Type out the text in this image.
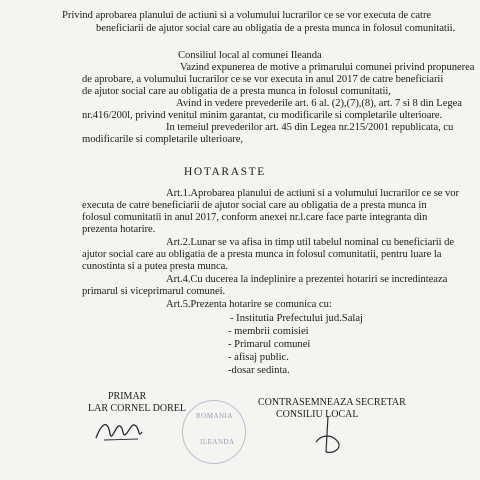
Privind aprobarea planului de actiuni si a volumului lucrarilor ce se vor executa de catre
beneficiarii de ajutor social care au obligatia de a presta munca in folosul comunitatii.
Consiliul local al comunei Ileanda
Vazind expunerea de motive a primarului comunei privind propunerea
de aprobare, a volumului lucrarilor ce se vor executa in anul 2017 de catre beneficiarii
de ajutor social care au obligatia de a presta munca in folosul comunitatii,
Avind in vedere prevederile art. 6 al. (2),(7),(8), art. 7 si 8 din Legea
nr.416/200l, privind venitul minim garantat, cu modificarile si completarile ulterioare.
In temeiul prevederilor art. 45 din Legea nr.215/2001 republicata, cu
modificarile si completarile ulterioare,
HOTARASTE
Art.1.Aprobarea planului de actiuni si a volumului lucrarilor ce se vor
executa de catre beneficiarii de ajutor social care au obligatia de a presta munca in
folosul comunitatii in anul 2017, conform anexei nr.l.care face parte integranta din
prezenta hotarire.
Art.2.Lunar se va afisa in timp util tabelul nominal cu beneficiarii de
ajutor social care au obligatia de a presta munca in folosul comunitatii, pentru luare la
cunostinta si a putea presta munca.
Art.4.Cu ducerea la indeplinire a prezentei hotariri se incredinteaza
primarul si viceprimarul comunei.
Art.5.Prezenta hotarire se comunica cu:
- Institutia Prefectului jud.Salaj
- membrii comisiei
- Primarul comunei
- afisaj public.
-dosar sedinta.
PRIMAR
LAR CORNEL DOREL
ROMANIA
ILEANDA
CONTRASEMNEAZA SECRETAR
CONSILIU LOCAL
